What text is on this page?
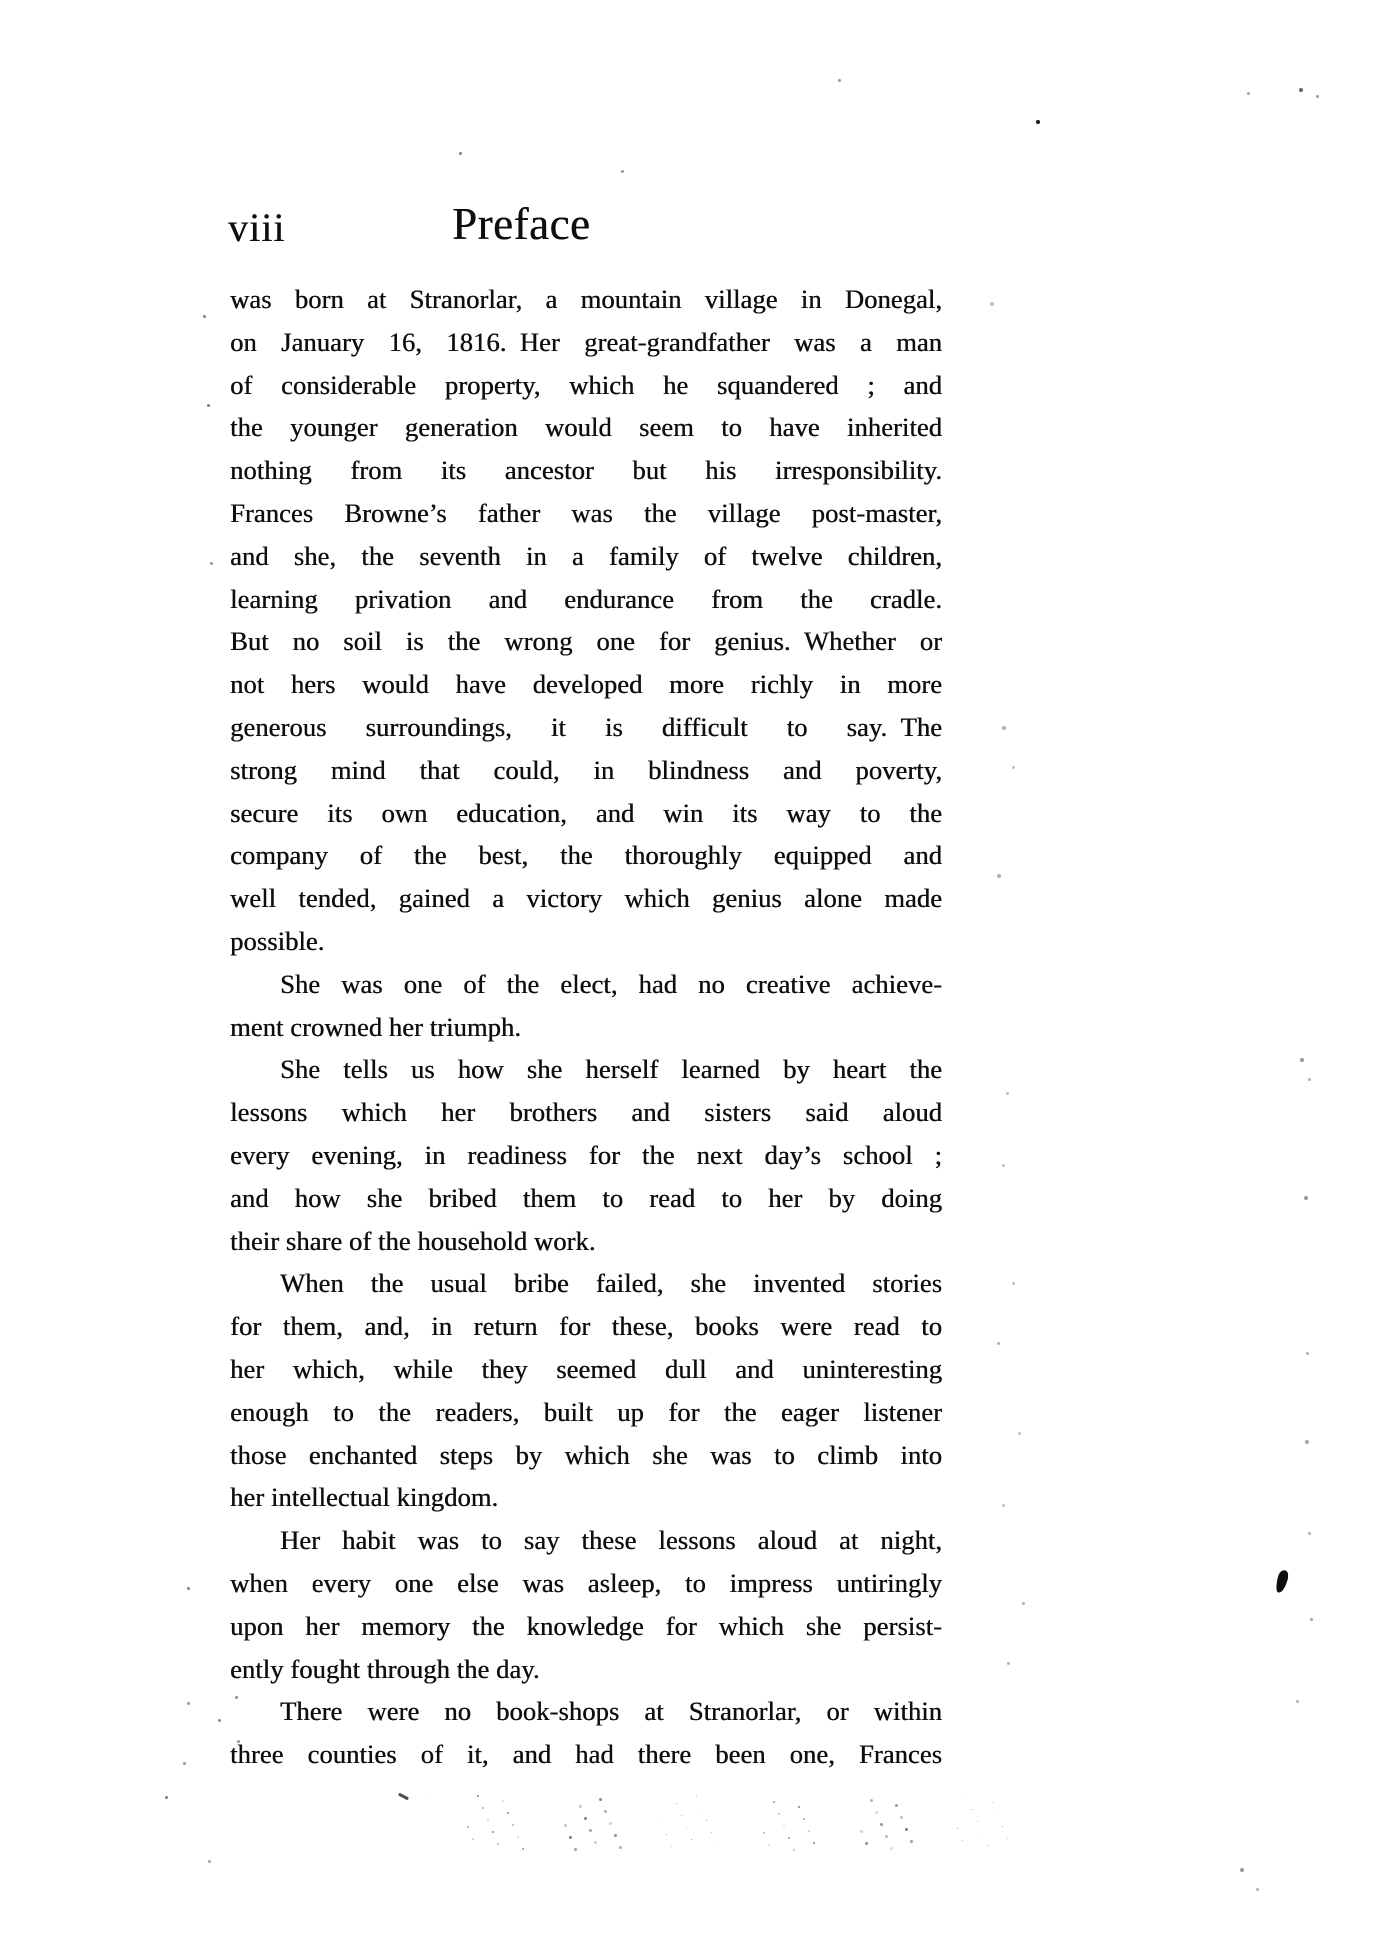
viii	Preface
was born at Stranorlar, a mountain village in Donegal,
on January 16, 1816. Her great-grandfather was a man
of considerable property, which he squandered ; and
the younger generation would seem to have inherited
nothing from its ancestor but his irresponsibility.
Frances Browne’s father was the village post-master,
and she, the seventh in a family of twelve children,
learning privation and endurance from the cradle.
But no soil is the wrong one for genius. Whether or
not hers would have developed more richly in more
generous surroundings, it is difficult to say. The
strong mind that could, in blindness and poverty,
secure its own education, and win its way to the
company of the best, the thoroughly equipped and
well tended, gained a victory which genius alone made
possible.
She was one of the elect, had no creative achieve-
ment crowned her triumph.
She tells us how she herself learned by heart the
lessons which her brothers and sisters said aloud
every evening, in readiness for the next day’s school ;
and how she bribed them to read to her by doing
their share of the household work.
When the usual bribe failed, she invented stories
for them, and, in return for these, books were read to
her which, while they seemed dull and uninteresting
enough to the readers, built up for the eager listener
those enchanted steps by which she was to climb into
her intellectual kingdom.
Her habit was to say these lessons aloud at night,
when every one else was asleep, to impress untiringly
upon her memory the knowledge for which she persist-
ently fought through the day.
There were no book-shops at Stranorlar, or within
three counties of it, and had there been one, Frances
